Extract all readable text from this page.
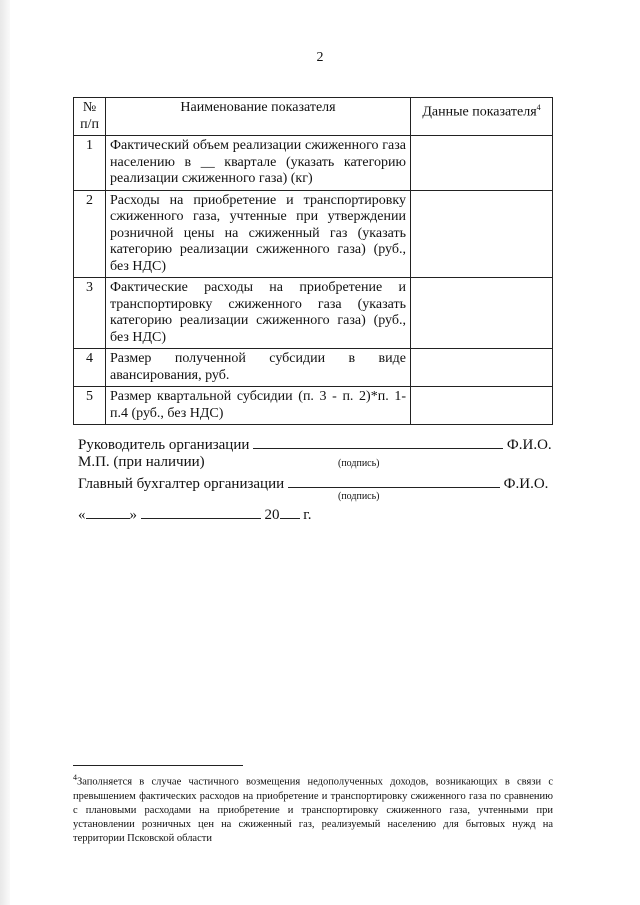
2
№ п/п	Наименование показателя	Данные показателя$^4$
1	Фактический объем реализации сжиженного газа населению в __ квартале (указать категорию реализации сжиженного газа) (кг)	
2	Расходы на приобретение и транспортировку сжиженного газа, учтенные при утверждении розничной цены на сжиженный газ (указать категорию реализации сжиженного газа) (руб., без НДС)	
3	Фактические расходы на приобретение и транспортировку сжиженного газа (указать категорию реализации сжиженного газа) (руб., без НДС)	
4	Размер полученной субсидии в виде авансирования, руб.	
5	Размер квартальной субсидии (п. 3 - п. 2)*п. 1- п.4 (руб., без НДС)	
Руководитель организации	Ф.И.О.
М.П. (при наличии)	(подпись)
Главный бухгалтер организации	Ф.И.О.
(подпись)
«	»	20 г.
$^4$Заполняется в случае частичного возмещения недополученных доходов, возникающих в связи с превышением фактических расходов на приобретение и транспортировку сжиженного газа по сравнению с плановыми расходами на приобретение и транспортировку сжиженного газа, учтенными при установлении розничных цен на сжиженный газ, реализуемый населению для бытовых нужд на территории Псковской области
